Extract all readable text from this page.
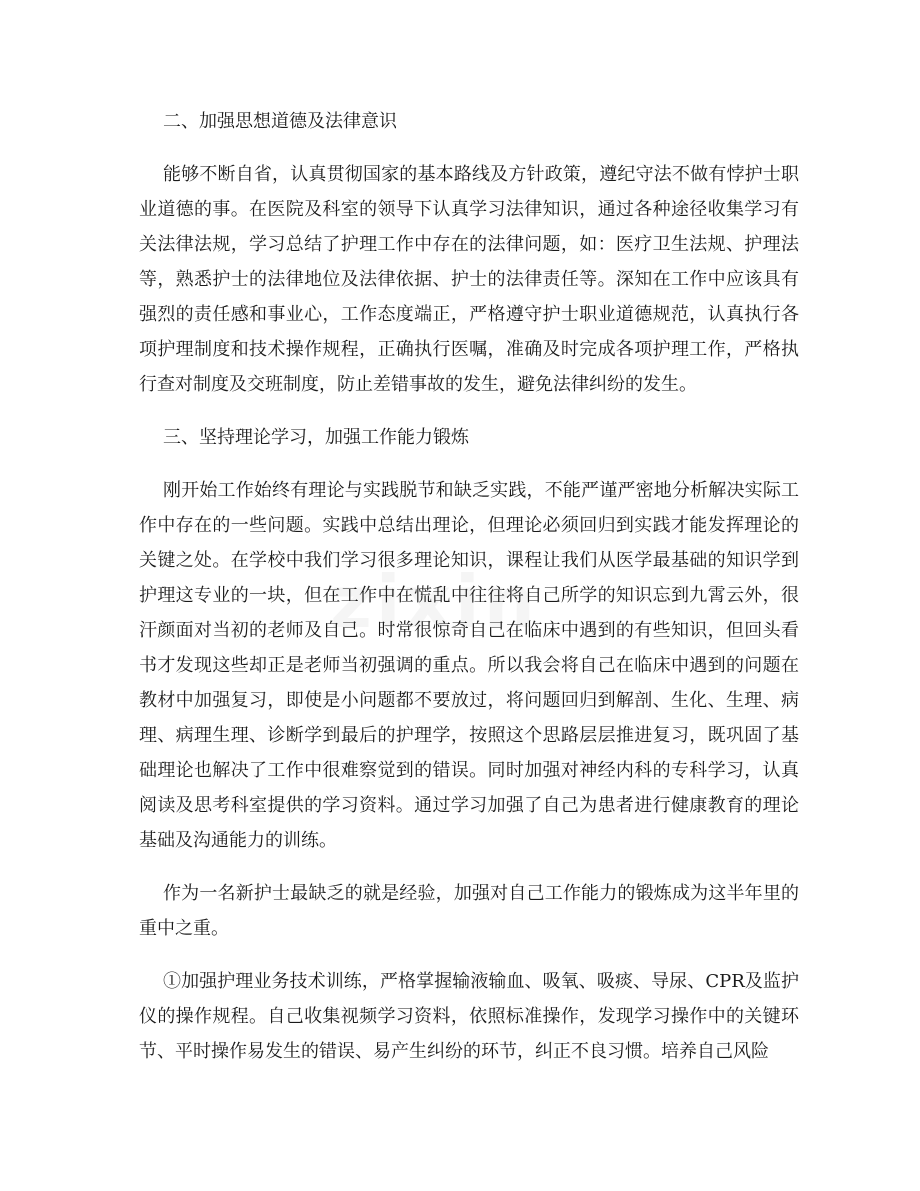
二、加强思想道德及法律意识

能够不断自省，认真贯彻国家的基本路线及方针政策，遵纪守法不做有悖护士职业道德的事。在医院及科室的领导下认真学习法律知识，通过各种途径收集学习有关法律法规，学习总结了护理工作中存在的法律问题，如：医疗卫生法规、护理法等，熟悉护士的法律地位及法律依据、护士的法律责任等。深知在工作中应该具有强烈的责任感和事业心，工作态度端正，严格遵守护士职业道德规范，认真执行各项护理制度和技术操作规程，正确执行医嘱，准确及时完成各项护理工作，严格执行查对制度及交班制度，防止差错事故的发生，避免法律纠纷的发生。

三、坚持理论学习，加强工作能力锻炼

刚开始工作始终有理论与实践脱节和缺乏实践，不能严谨严密地分析解决实际工作中存在的一些问题。实践中总结出理论，但理论必须回归到实践才能发挥理论的关键之处。在学校中我们学习很多理论知识，课程让我们从医学最基础的知识学到护理这专业的一块，但在工作中在慌乱中往往将自己所学的知识忘到九霄云外，很汗颜面对当初的老师及自己。时常很惊奇自己在临床中遇到的有些知识，但回头看书才发现这些却正是老师当初强调的重点。所以我会将自己在临床中遇到的问题在教材中加强复习，即使是小问题都不要放过，将问题回归到解剖、生化、生理、病理、病理生理、诊断学到最后的护理学，按照这个思路层层推进复习，既巩固了基础理论也解决了工作中很难察觉到的错误。同时加强对神经内科的专科学习，认真阅读及思考科室提供的学习资料。通过学习加强了自己为患者进行健康教育的理论基础及沟通能力的训练。

作为一名新护士最缺乏的就是经验，加强对自己工作能力的锻炼成为这半年里的重中之重。

①加强护理业务技术训练，严格掌握输液输血、吸氧、吸痰、导尿、CPR及监护仪的操作规程。自己收集视频学习资料，依照标准操作，发现学习操作中的关键环节、平时操作易发生的错误、易产生纠纷的环节，纠正不良习惯。培养自己风险
